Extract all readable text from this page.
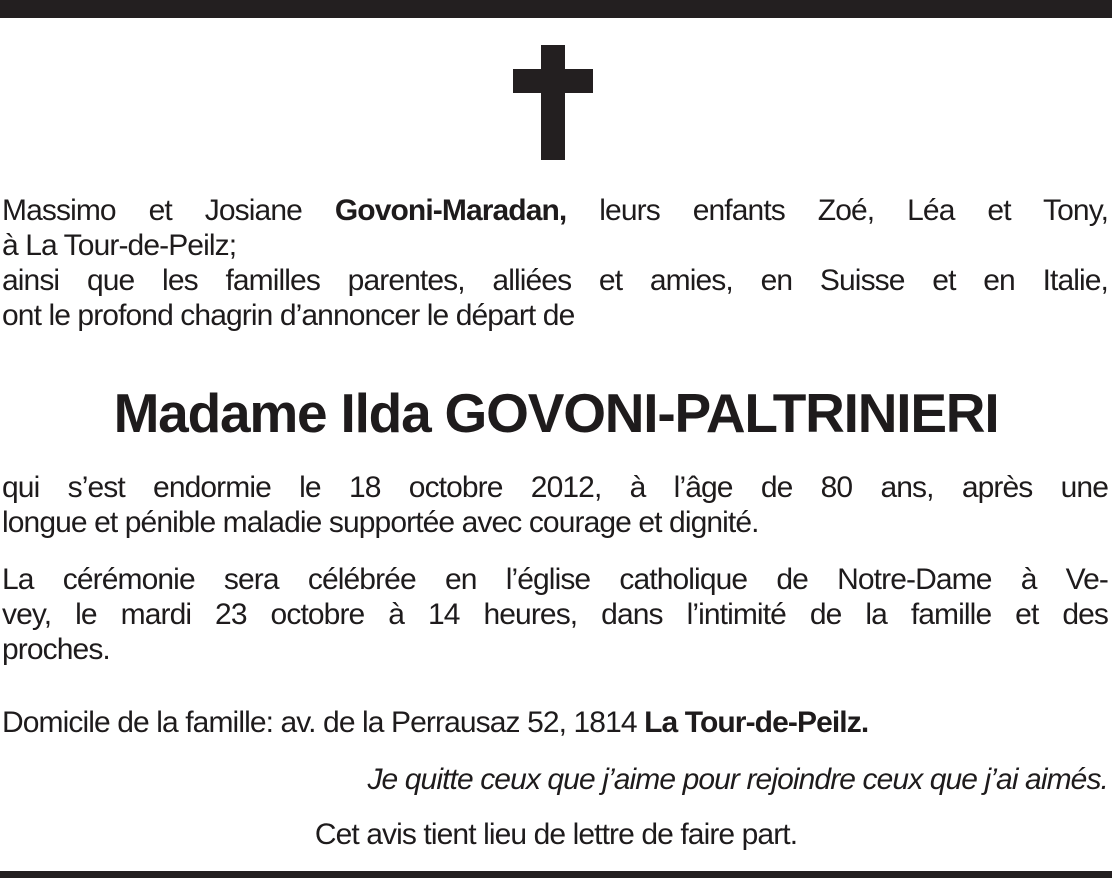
Massimo et Josiane Govoni-Maradan, leurs enfants Zoé, Léa et Tony,
à La Tour-de-Peilz;
ainsi que les familles parentes, alliées et amies, en Suisse et en Italie,
ont le profond chagrin d’annoncer le départ de

Madame Ilda GOVONI-PALTRINIERI

qui s’est endormie le 18 octobre 2012, à l’âge de 80 ans, après une
longue et pénible maladie supportée avec courage et dignité.

La cérémonie sera célébrée en l’église catholique de Notre-Dame à Ve-
vey, le mardi 23 octobre à 14 heures, dans l’intimité de la famille et des
proches.

Domicile de la famille: av. de la Perrausaz 52, 1814 La Tour-de-Peilz.

Je quitte ceux que j’aime pour rejoindre ceux que j’ai aimés.

Cet avis tient lieu de lettre de faire part.
